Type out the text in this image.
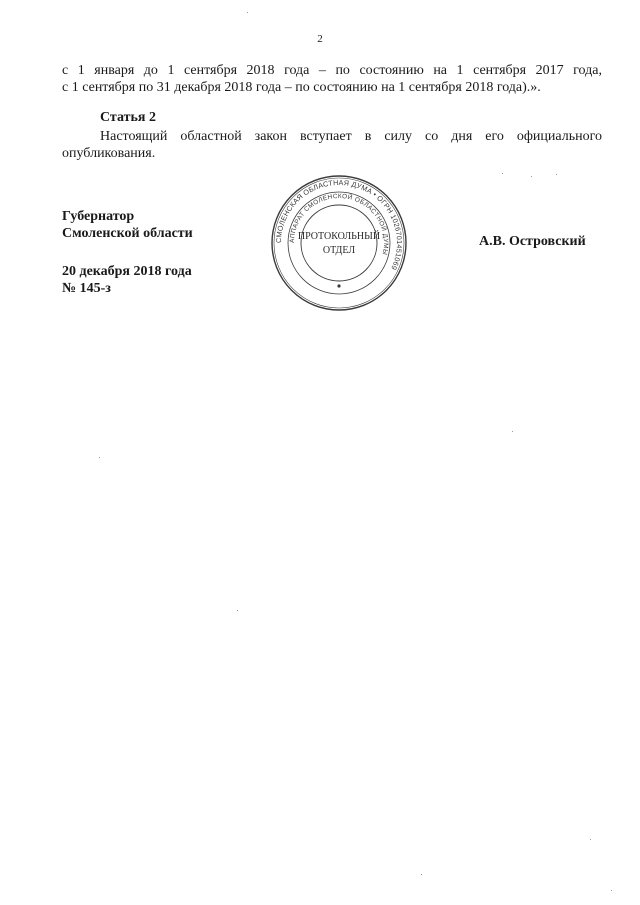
2
с 1 января до 1 сентября 2018 года – по состоянию на 1 сентября 2017 года,
с 1 сентября по 31 декабря 2018 года – по состоянию на 1 сентября 2018 года).».
Статья 2
Настоящий областной закон вступает в силу со дня его официального
опубликования.
Губернатор
Смоленской области
А.В. Островский
20 декабря 2018 года
№ 145-з
СМОЛЕНСКАЯ ОБЛАСТНАЯ ДУМА • ОГРН 1026701451069
АППАРАТ СМОЛЕНСКОЙ ОБЛАСТНОЙ ДУМЫ
ПРОТОКОЛЬНЫЙ
ОТДЕЛ
